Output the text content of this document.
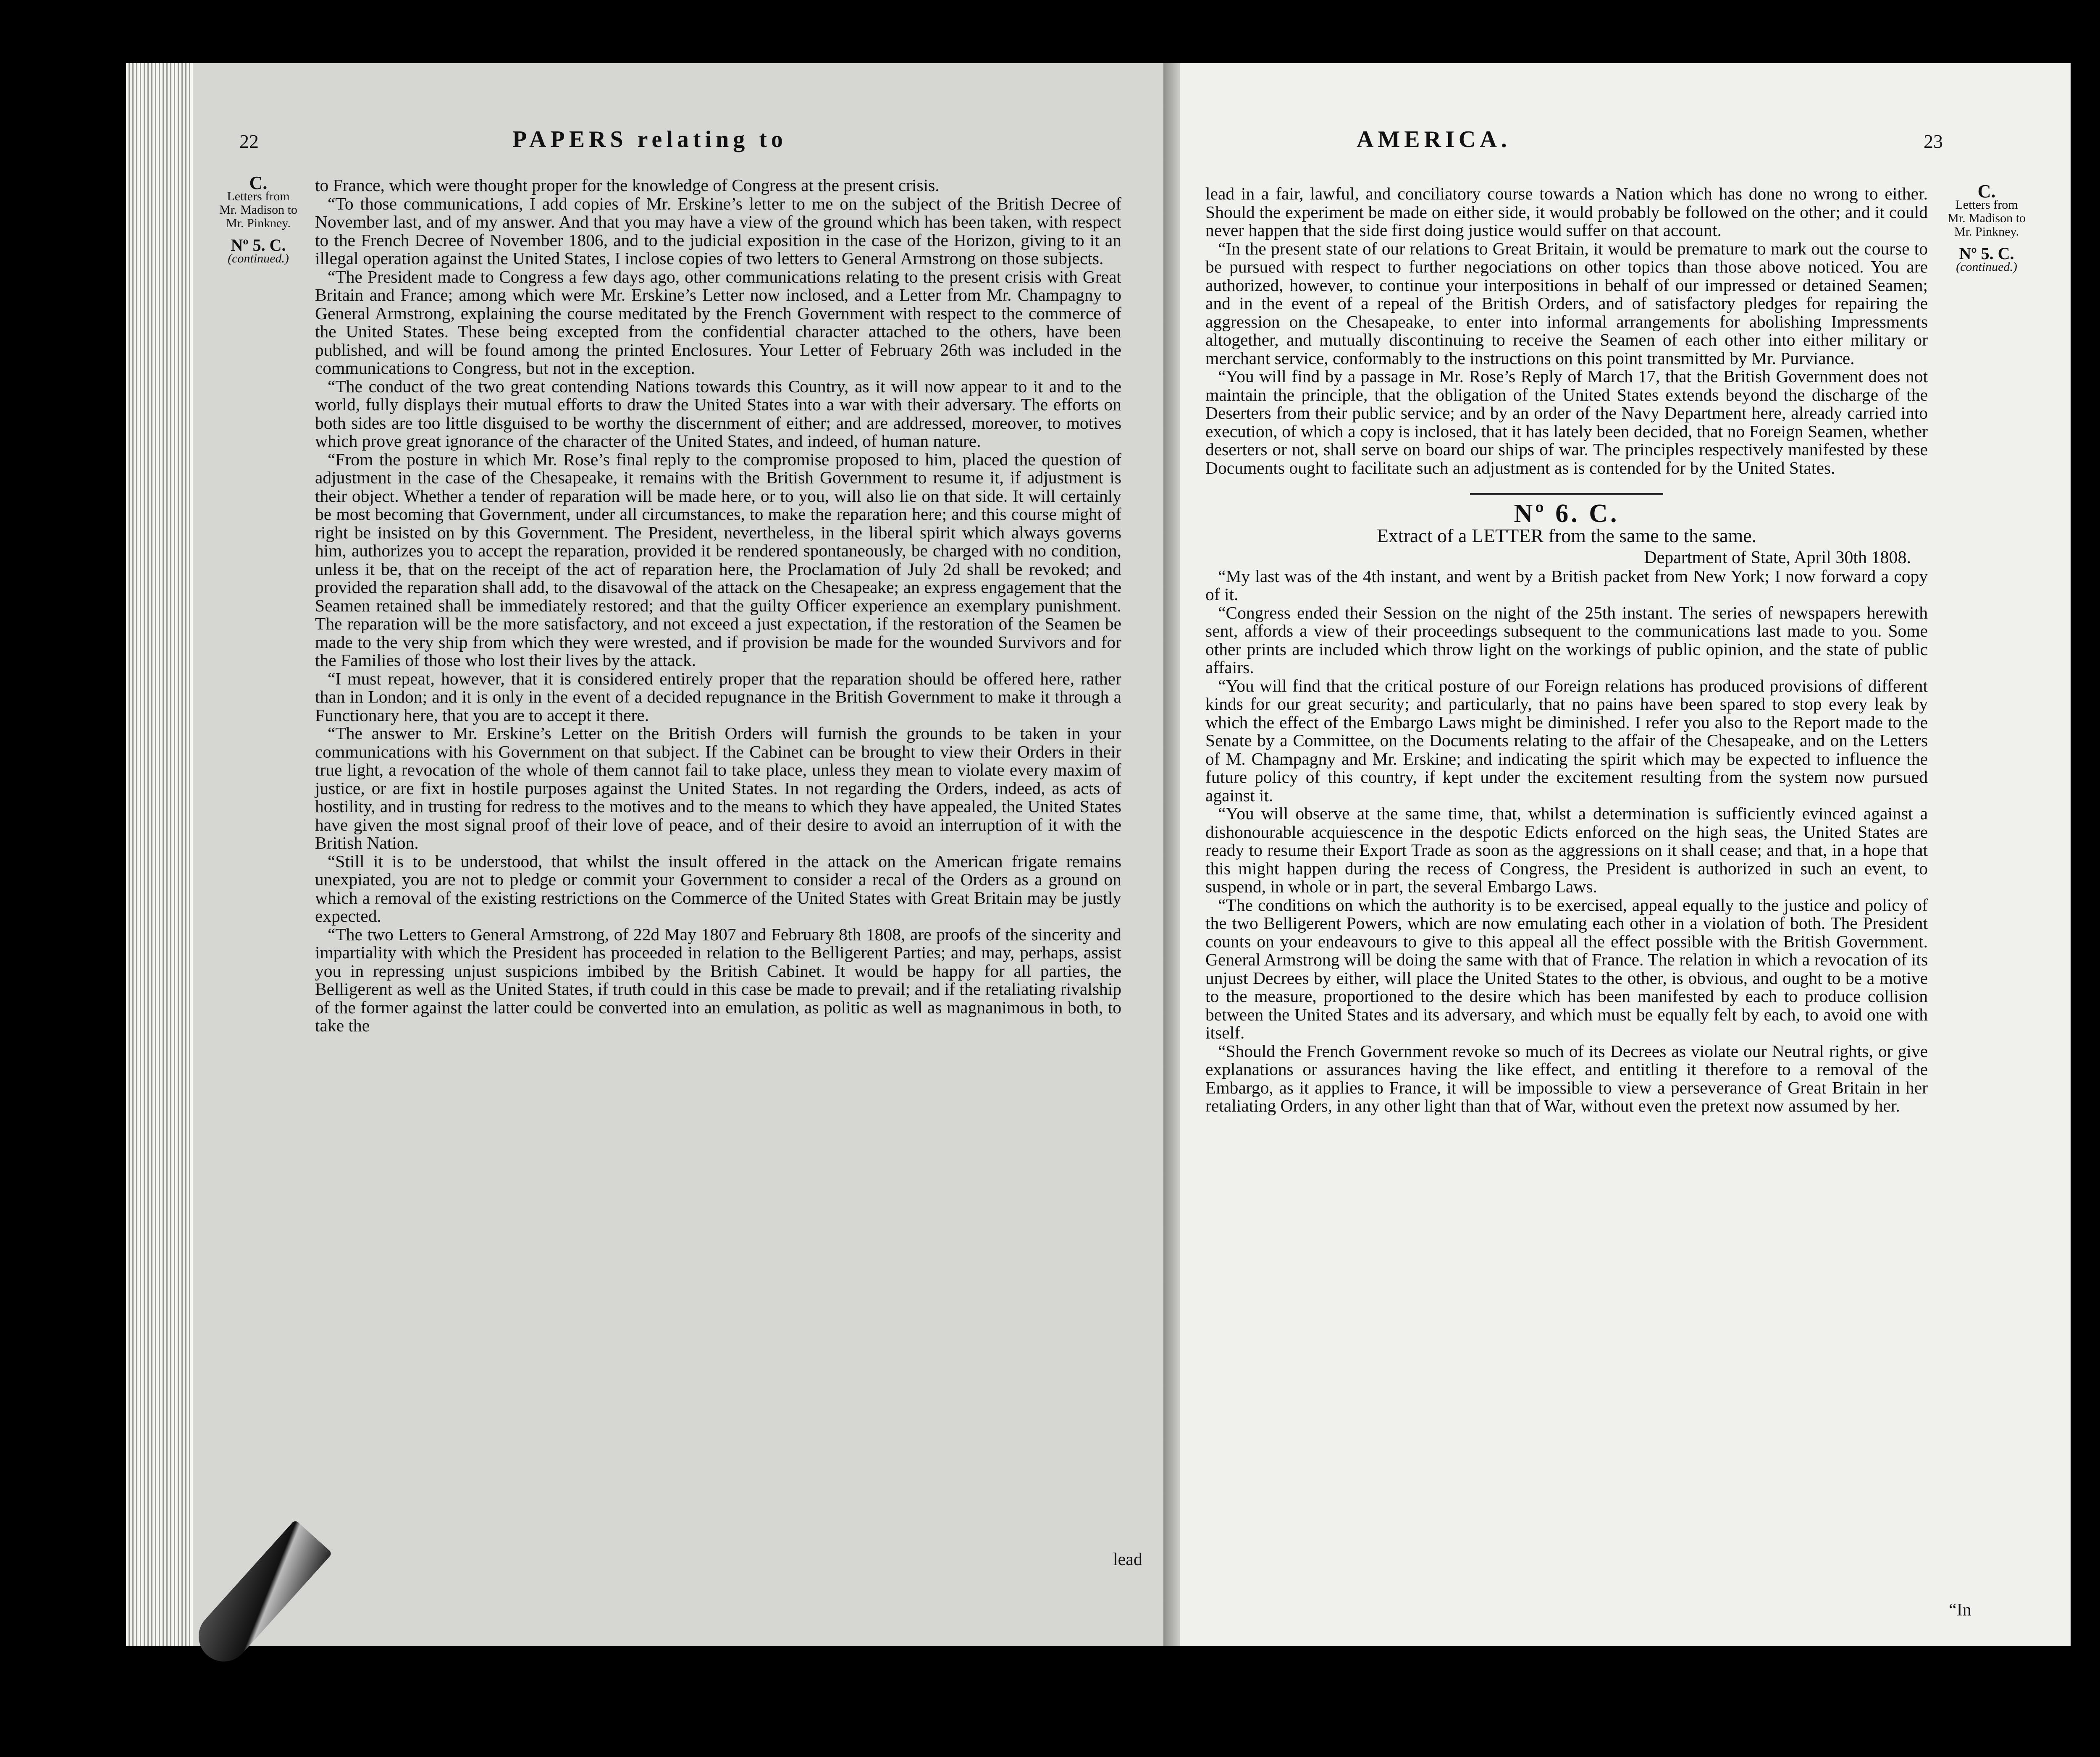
22	PAPERS relating to
C.
Letters from
Mr. Madison to
Mr. Pinkney.
Nº 5. C.
(continued.)

to France, which were thought proper for the knowledge of Congress at the present crisis.

“To those communications, I add copies of Mr. Erskine’s letter to me on the subject of the British Decree of November last, and of my answer. And that you may have a view of the ground which has been taken, with respect to the French Decree of November 1806, and to the judicial exposition in the case of the Horizon, giving to it an illegal operation against the United States, I inclose copies of two letters to General Armstrong on those subjects.

“The President made to Congress a few days ago, other communications relating to the present crisis with Great Britain and France; among which were Mr. Erskine’s Letter now inclosed, and a Letter from Mr. Champagny to General Armstrong, explaining the course meditated by the French Government with respect to the commerce of the United States. These being excepted from the confidential character attached to the others, have been published, and will be found among the printed Enclosures. Your Letter of February 26th was included in the communications to Congress, but not in the exception.

“The conduct of the two great contending Nations towards this Country, as it will now appear to it and to the world, fully displays their mutual efforts to draw the United States into a war with their adversary. The efforts on both sides are too little disguised to be worthy the discernment of either; and are addressed, moreover, to motives which prove great ignorance of the character of the United States, and indeed, of human nature.

“From the posture in which Mr. Rose’s final reply to the compromise proposed to him, placed the question of adjustment in the case of the Chesapeake, it remains with the British Government to resume it, if adjustment is their object. Whether a tender of reparation will be made here, or to you, will also lie on that side. It will certainly be most becoming that Government, under all circumstances, to make the reparation here; and this course might of right be insisted on by this Government. The President, nevertheless, in the liberal spirit which always governs him, authorizes you to accept the reparation, provided it be rendered spontaneously, be charged with no condition, unless it be, that on the receipt of the act of reparation here, the Proclamation of July 2d shall be revoked; and provided the reparation shall add, to the disavowal of the attack on the Chesapeake; an express engagement that the Seamen retained shall be immediately restored; and that the guilty Officer experience an exemplary punishment. The reparation will be the more satisfactory, and not exceed a just expectation, if the restoration of the Seamen be made to the very ship from which they were wrested, and if provision be made for the wounded Survivors and for the Families of those who lost their lives by the attack.

“I must repeat, however, that it is considered entirely proper that the reparation should be offered here, rather than in London; and it is only in the event of a decided repugnance in the British Government to make it through a Functionary here, that you are to accept it there.

“The answer to Mr. Erskine’s Letter on the British Orders will furnish the grounds to be taken in your communications with his Government on that subject. If the Cabinet can be brought to view their Orders in their true light, a revocation of the whole of them cannot fail to take place, unless they mean to violate every maxim of justice, or are fixt in hostile purposes against the United States. In not regarding the Orders, indeed, as acts of hostility, and in trusting for redress to the motives and to the means to which they have appealed, the United States have given the most signal proof of their love of peace, and of their desire to avoid an interruption of it with the British Nation.

“Still it is to be understood, that whilst the insult offered in the attack on the American frigate remains unexpiated, you are not to pledge or commit your Government to consider a recal of the Orders as a ground on which a removal of the existing restrictions on the Commerce of the United States with Great Britain may be justly expected.

“The two Letters to General Armstrong, of 22d May 1807 and February 8th 1808, are proofs of the sincerity and impartiality with which the President has proceeded in relation to the Belligerent Parties; and may, perhaps, assist you in repressing unjust suspicions imbibed by the British Cabinet. It would be happy for all parties, the Belligerent as well as the United States, if truth could in this case be made to prevail; and if the retaliating rivalship of the former against the latter could be converted into an emulation, as politic as well as magnanimous in both, to take the

lead
AMERICA.	23

lead in a fair, lawful, and conciliatory course towards a Nation which has done no wrong to either. Should the experiment be made on either side, it would probably be followed on the other; and it could never happen that the side first doing justice would suffer on that account.

“In the present state of our relations to Great Britain, it would be premature to mark out the course to be pursued with respect to further negociations on other topics than those above noticed. You are authorized, however, to continue your interpositions in behalf of our impressed or detained Seamen; and in the event of a repeal of the British Orders, and of satisfactory pledges for repairing the aggression on the Chesapeake, to enter into informal arrangements for abolishing Impressments altogether, and mutually discontinuing to receive the Seamen of each other into either military or merchant service, conformably to the instructions on this point transmitted by Mr. Purviance.

“You will find by a passage in Mr. Rose’s Reply of March 17, that the British Government does not maintain the principle, that the obligation of the United States extends beyond the discharge of the Deserters from their public service; and by an order of the Navy Department here, already carried into execution, of which a copy is inclosed, that it has lately been decided, that no Foreign Seamen, whether deserters or not, shall serve on board our ships of war. The principles respectively manifested by these Documents ought to facilitate such an adjustment as is contended for by the United States.

Nº 6. C.
Extract of a LETTER from the same to the same.
Department of State, April 30th 1808.

“My last was of the 4th instant, and went by a British packet from New York; I now forward a copy of it.

“Congress ended their Session on the night of the 25th instant. The series of newspapers herewith sent, affords a view of their proceedings subsequent to the communications last made to you. Some other prints are included which throw light on the workings of public opinion, and the state of public affairs.

“You will find that the critical posture of our Foreign relations has produced provisions of different kinds for our great security; and particularly, that no pains have been spared to stop every leak by which the effect of the Embargo Laws might be diminished. I refer you also to the Report made to the Senate by a Committee, on the Documents relating to the affair of the Chesapeake, and on the Letters of M. Champagny and Mr. Erskine; and indicating the spirit which may be expected to influence the future policy of this country, if kept under the excitement resulting from the system now pursued against it.

“You will observe at the same time, that, whilst a determination is sufficiently evinced against a dishonourable acquiescence in the despotic Edicts enforced on the high seas, the United States are ready to resume their Export Trade as soon as the aggressions on it shall cease; and that, in a hope that this might happen during the recess of Congress, the President is authorized in such an event, to suspend, in whole or in part, the several Embargo Laws.

“The conditions on which the authority is to be exercised, appeal equally to the justice and policy of the two Belligerent Powers, which are now emulating each other in a violation of both. The President counts on your endeavours to give to this appeal all the effect possible with the British Government. General Armstrong will be doing the same with that of France. The relation in which a revocation of its unjust Decrees by either, will place the United States to the other, is obvious, and ought to be a motive to the measure, proportioned to the desire which has been manifested by each to produce collision between the United States and its adversary, and which must be equally felt by each, to avoid one with itself.

“Should the French Government revoke so much of its Decrees as violate our Neutral rights, or give explanations or assurances having the like effect, and entitling it therefore to a removal of the Embargo, as it applies to France, it will be impossible to view a perseverance of Great Britain in her retaliating Orders, in any other light than that of War, without even the pretext now assumed by her.

C.
Letters from
Mr. Madison to
Mr. Pinkney.
Nº 5. C.
(continued.)
“In
